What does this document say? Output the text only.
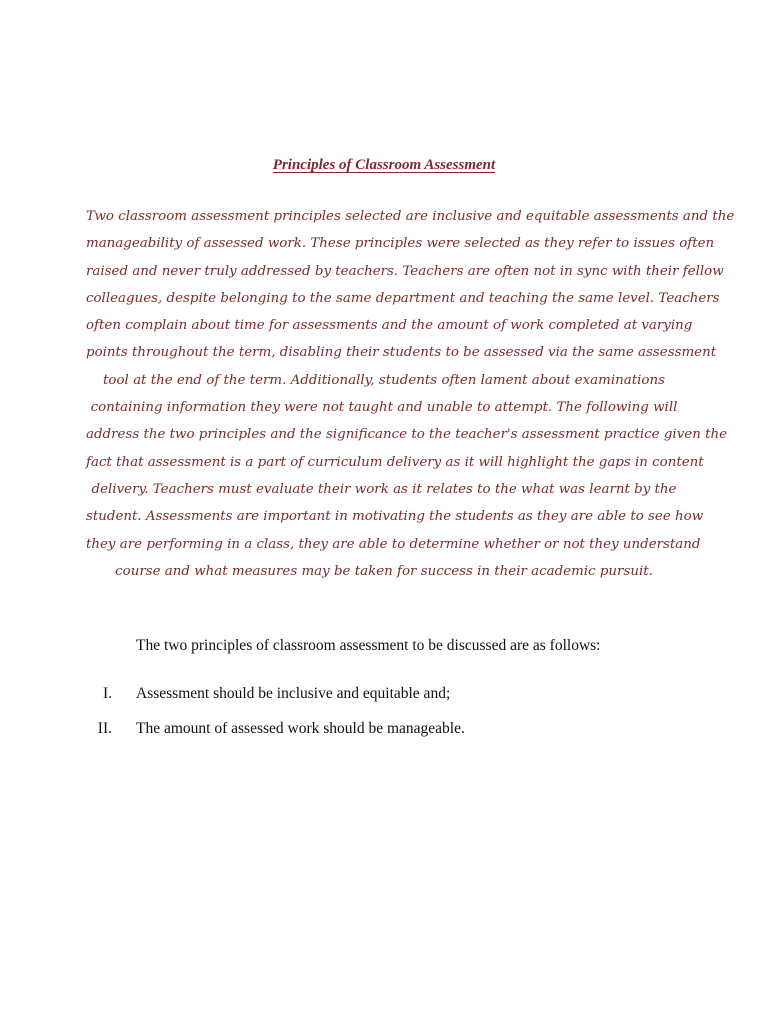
Principles of Classroom Assessment

Two classroom assessment principles selected are inclusive and equitable assessments and the
manageability of assessed work. These principles were selected as they refer to issues often
raised and never truly addressed by teachers. Teachers are often not in sync with their fellow
colleagues, despite belonging to the same department and teaching the same level. Teachers
often complain about time for assessments and the amount of work completed at varying
points throughout the term, disabling their students to be assessed via the same assessment
tool at the end of the term. Additionally, students often lament about examinations
containing information they were not taught and unable to attempt. The following will
address the two principles and the significance to the teacher's assessment practice given the
fact that assessment is a part of curriculum delivery as it will highlight the gaps in content
delivery. Teachers must evaluate their work as it relates to the what was learnt by the
student. Assessments are important in motivating the students as they are able to see how
they are performing in a class, they are able to determine whether or not they understand
course and what measures may be taken for success in their academic pursuit.

The two principles of classroom assessment to be discussed are as follows:

I. Assessment should be inclusive and equitable and;
II. The amount of assessed work should be manageable.
